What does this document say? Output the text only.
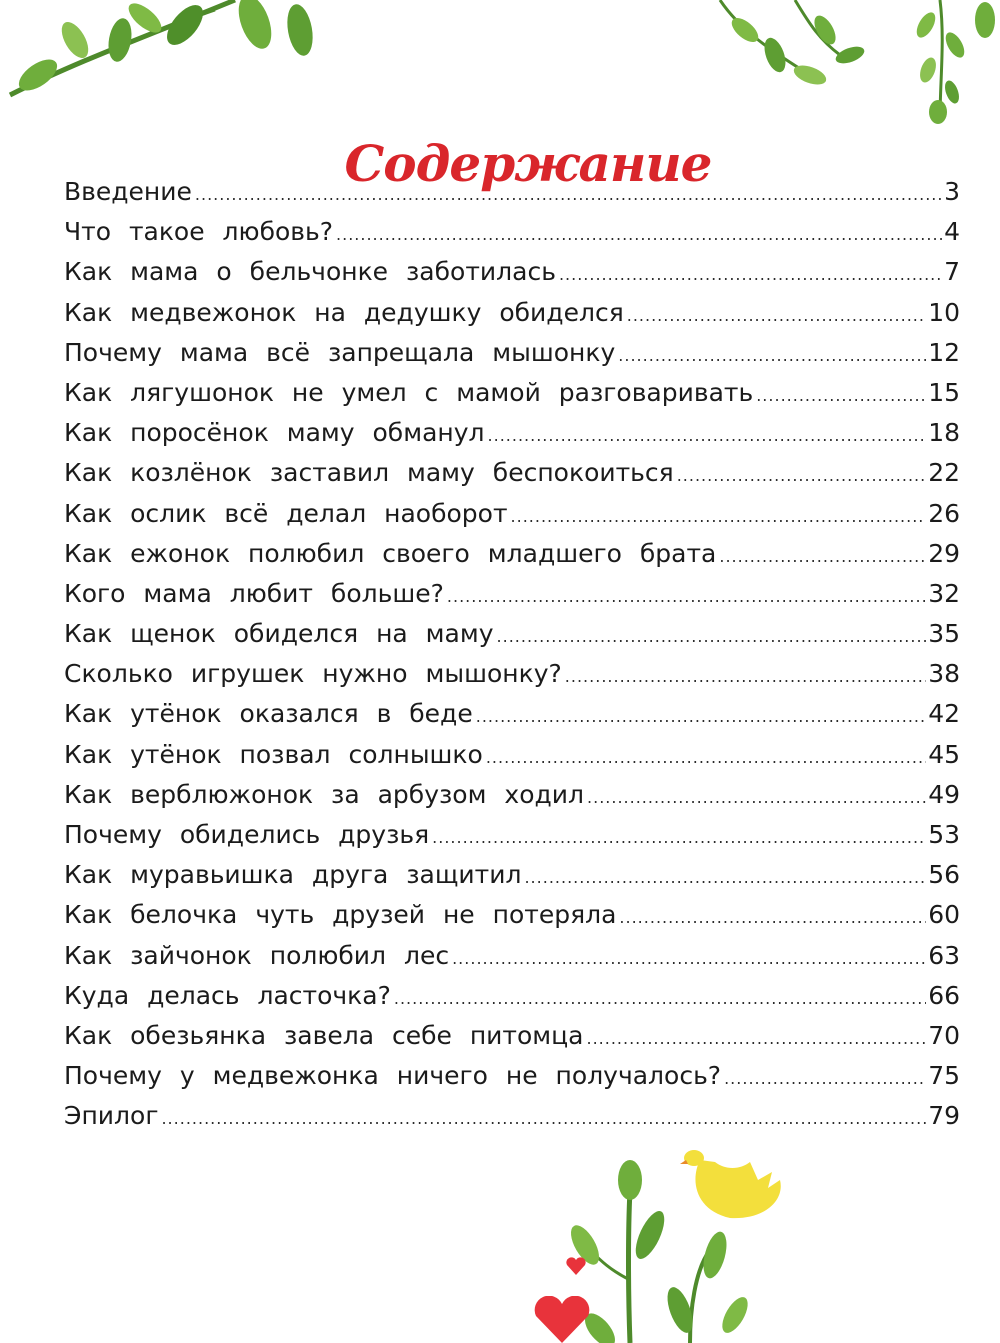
Содержание
Введение .....	3
Что такое любовь? .....	4
Как мама о бельчонке заботилась .....	7
Как медвежонок на дедушку обиделся .....	10
Почему мама всё запрещала мышонку .....	12
Как лягушонок не умел с мамой разговаривать .....	15
Как поросёнок маму обманул .....	18
Как козлёнок заставил маму беспокоиться .....	22
Как ослик всё делал наоборот .....	26
Как ежонок полюбил своего младшего брата .....	29
Кого мама любит больше? .....	32
Как щенок обиделся на маму .....	35
Сколько игрушек нужно мышонку? .....	38
Как утёнок оказался в беде .....	42
Как утёнок позвал солнышко .....	45
Как верблюжонок за арбузом ходил .....	49
Почему обиделись друзья .....	53
Как муравьишка друга защитил .....	56
Как белочка чуть друзей не потеряла .....	60
Как зайчонок полюбил лес .....	63
Куда делась ласточка? .....	66
Как обезьянка завела себе питомца .....	70
Почему у медвежонка ничего не получалось? .....	75
Эпилог .....	79
